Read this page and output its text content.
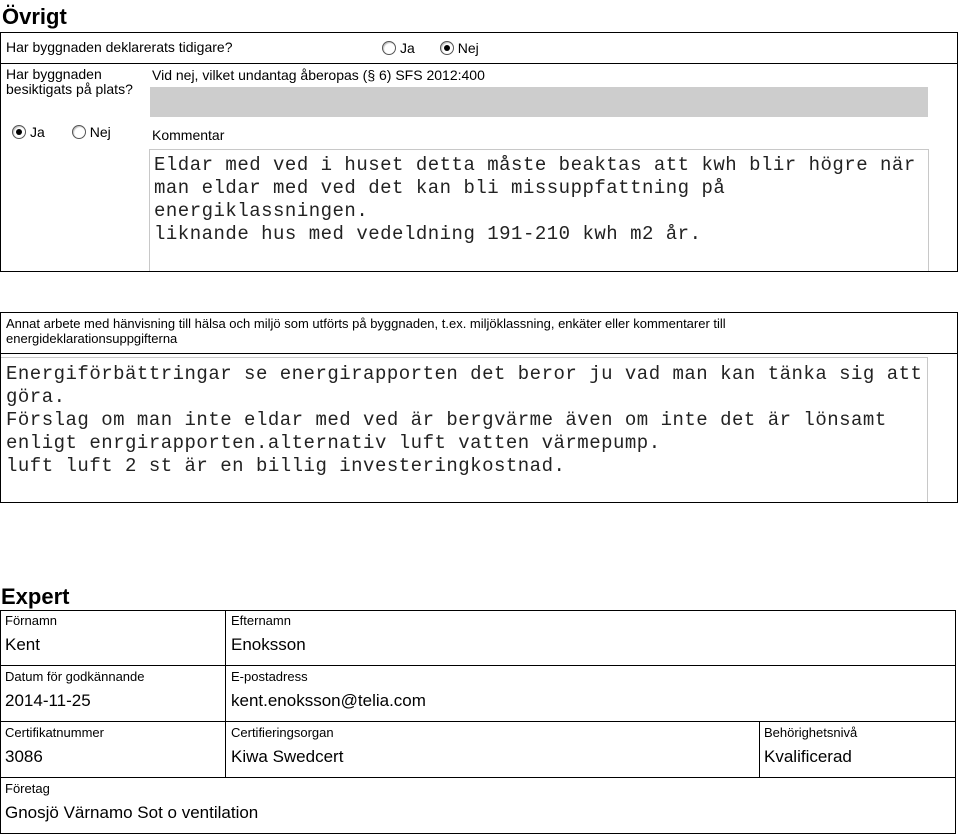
Övrigt
Har byggnaden deklarerats tidigare?	Ja	Nej
Har byggnaden besiktigats på plats?
Ja	Nej
Vid nej, vilket undantag åberopas (§ 6) SFS 2012:400
Kommentar
Eldar med ved i huset detta måste beaktas att kwh blir högre när
man eldar med ved det kan bli missuppfattning på
energiklassningen.
liknande hus med vedeldning 191-210 kwh m2 år.
Annat arbete med hänvisning till hälsa och miljö som utförts på byggnaden, t.ex. miljöklassning, enkäter eller kommentarer till energideklarationsuppgifterna
Energiförbättringar se energirapporten det beror ju vad man kan tänka sig att
göra.
Förslag om man inte eldar med ved är bergvärme även om inte det är lönsamt
enligt enrgirapporten.alternativ luft vatten värmepump.
luft luft 2 st är en billig investeringkostnad.
Expert
Förnamn
Kent
Efternamn
Enoksson
Datum för godkännande
2014-11-25
E-postadress
kent.enoksson@telia.com
Certifikatnummer
3086
Certifieringsorgan
Kiwa Swedcert
Behörighetsnivå
Kvalificerad
Företag
Gnosjö Värnamo Sot o ventilation
